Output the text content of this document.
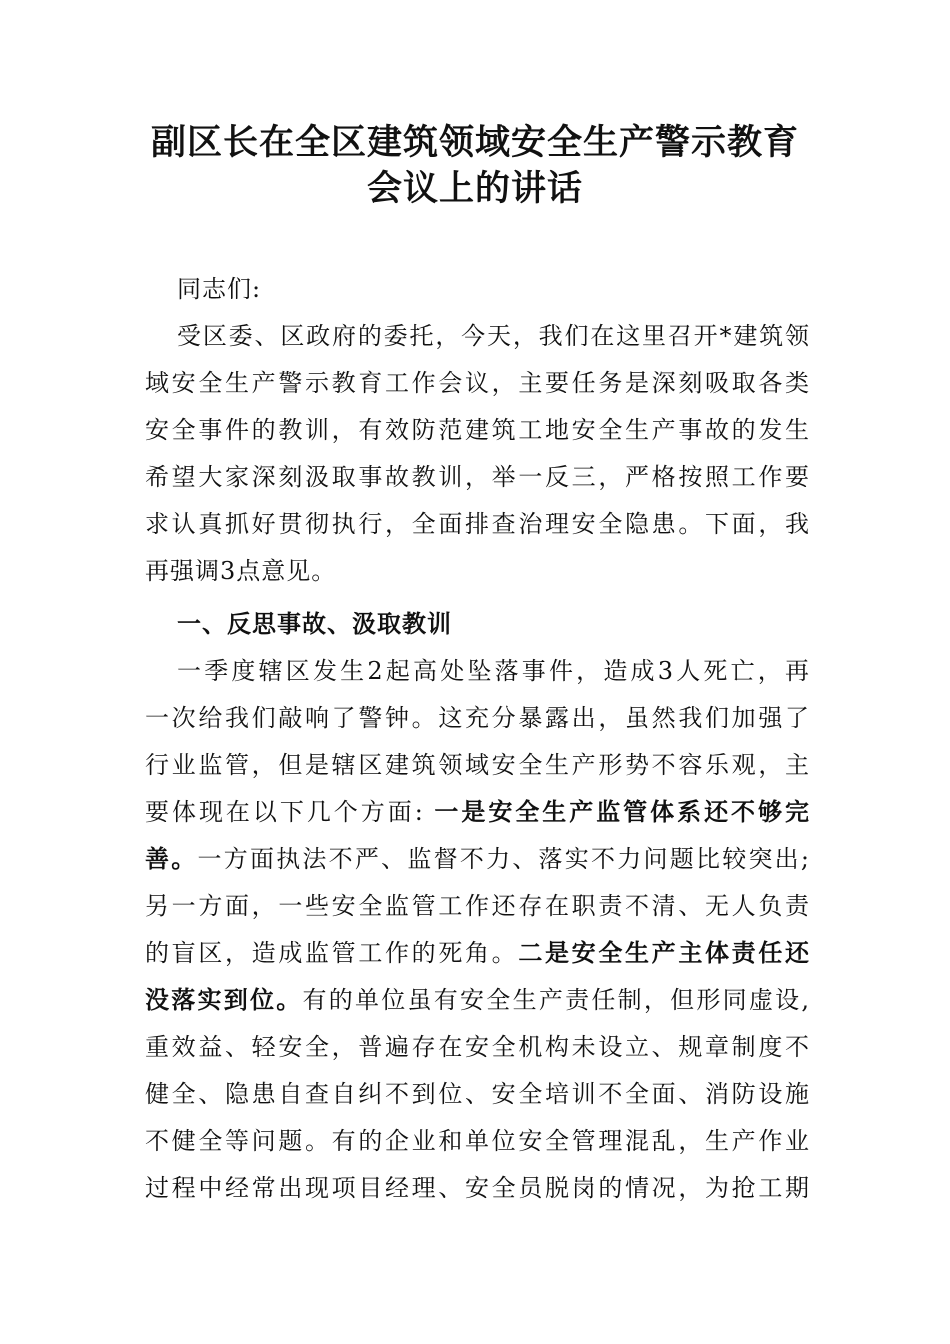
副区长在全区建筑领域安全生产警示教育
会议上的讲话
同志们:
受区委、区政府的委托，今天，我们在这里召开*建筑领
域安全生产警示教育工作会议，主要任务是深刻吸取各类
安全事件的教训，有效防范建筑工地安全生产事故的发生
希望大家深刻汲取事故教训，举一反三，严格按照工作要
求认真抓好贯彻执行，全面排查治理安全隐患。下面，我
再强调3点意见。
一、反思事故、汲取教训
一季度辖区发生2起高处坠落事件，造成3人死亡，再
一次给我们敲响了警钟。这充分暴露出，虽然我们加强了
行业监管，但是辖区建筑领域安全生产形势不容乐观，主
要体现在以下几个方面: 一是安全生产监管体系还不够完
善。一方面执法不严、监督不力、落实不力问题比较突出;
另一方面，一些安全监管工作还存在职责不清、无人负责
的盲区，造成监管工作的死角。二是安全生产主体责任还
没落实到位。有的单位虽有安全生产责任制，但形同虚设,
重效益、轻安全，普遍存在安全机构未设立、规章制度不
健全、隐患自查自纠不到位、安全培训不全面、消防设施
不健全等问题。有的企业和单位安全管理混乱，生产作业
过程中经常出现项目经理、安全员脱岗的情况，为抢工期
